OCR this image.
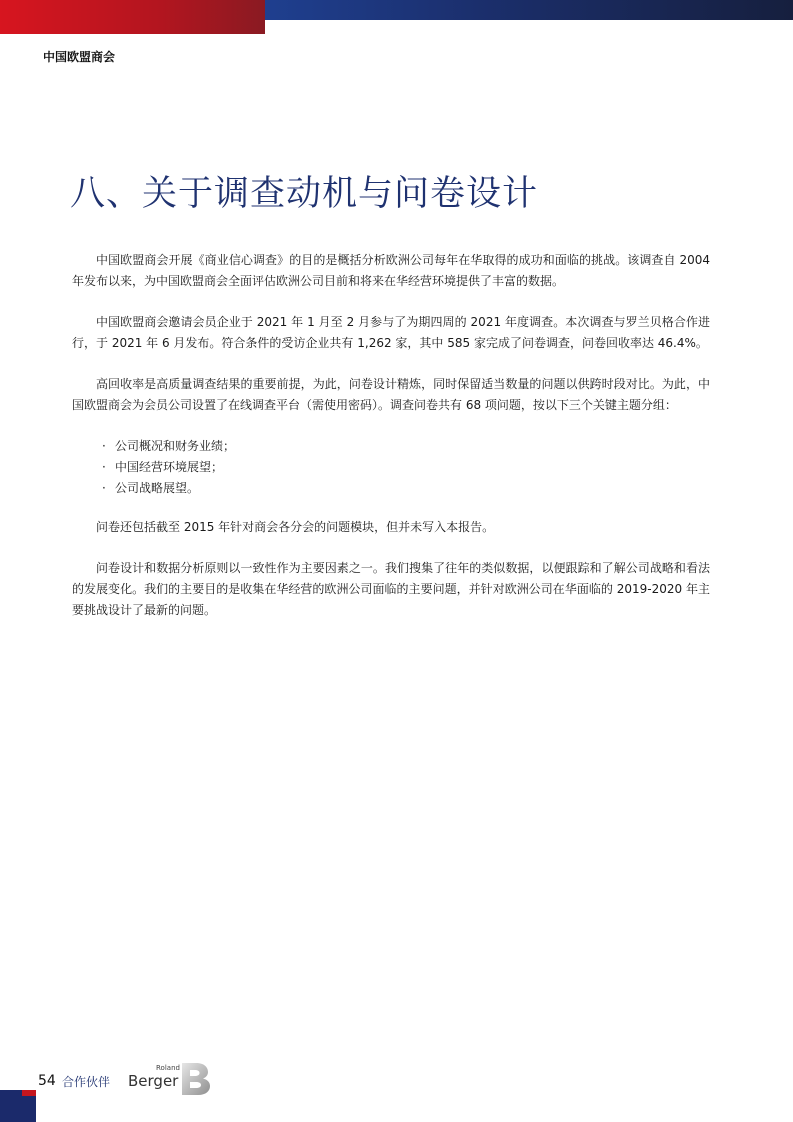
中国欧盟商会
八、关于调查动机与问卷设计

中国欧盟商会开展《商业信心调查》的目的是概括分析欧洲公司每年在华取得的成功和面临的挑战。该调查自 2004 年发布以来，为中国欧盟商会全面评估欧洲公司目前和将来在华经营环境提供了丰富的数据。

中国欧盟商会邀请会员企业于 2021 年 1 月至 2 月参与了为期四周的 2021 年度调查。本次调查与罗兰贝格合作进行，于 2021 年 6 月发布。符合条件的受访企业共有 1,262 家，其中 585 家完成了问卷调查，问卷回收率达 46.4%。

高回收率是高质量调查结果的重要前提，为此，问卷设计精炼，同时保留适当数量的问题以供跨时段对比。为此，中国欧盟商会为会员公司设置了在线调查平台（需使用密码）。调查问卷共有 68 项问题，按以下三个关键主题分组：

· 公司概况和财务业绩；
· 中国经营环境展望；
· 公司战略展望。

问卷还包括截至 2015 年针对商会各分会的问题模块，但并未写入本报告。

问卷设计和数据分析原则以一致性作为主要因素之一。我们搜集了往年的类似数据，以便跟踪和了解公司战略和看法的发展变化。我们的主要目的是收集在华经营的欧洲公司面临的主要问题，并针对欧洲公司在华面临的 2019-2020 年主要挑战设计了最新的问题。

54 合作伙伴
Roland
Berger
